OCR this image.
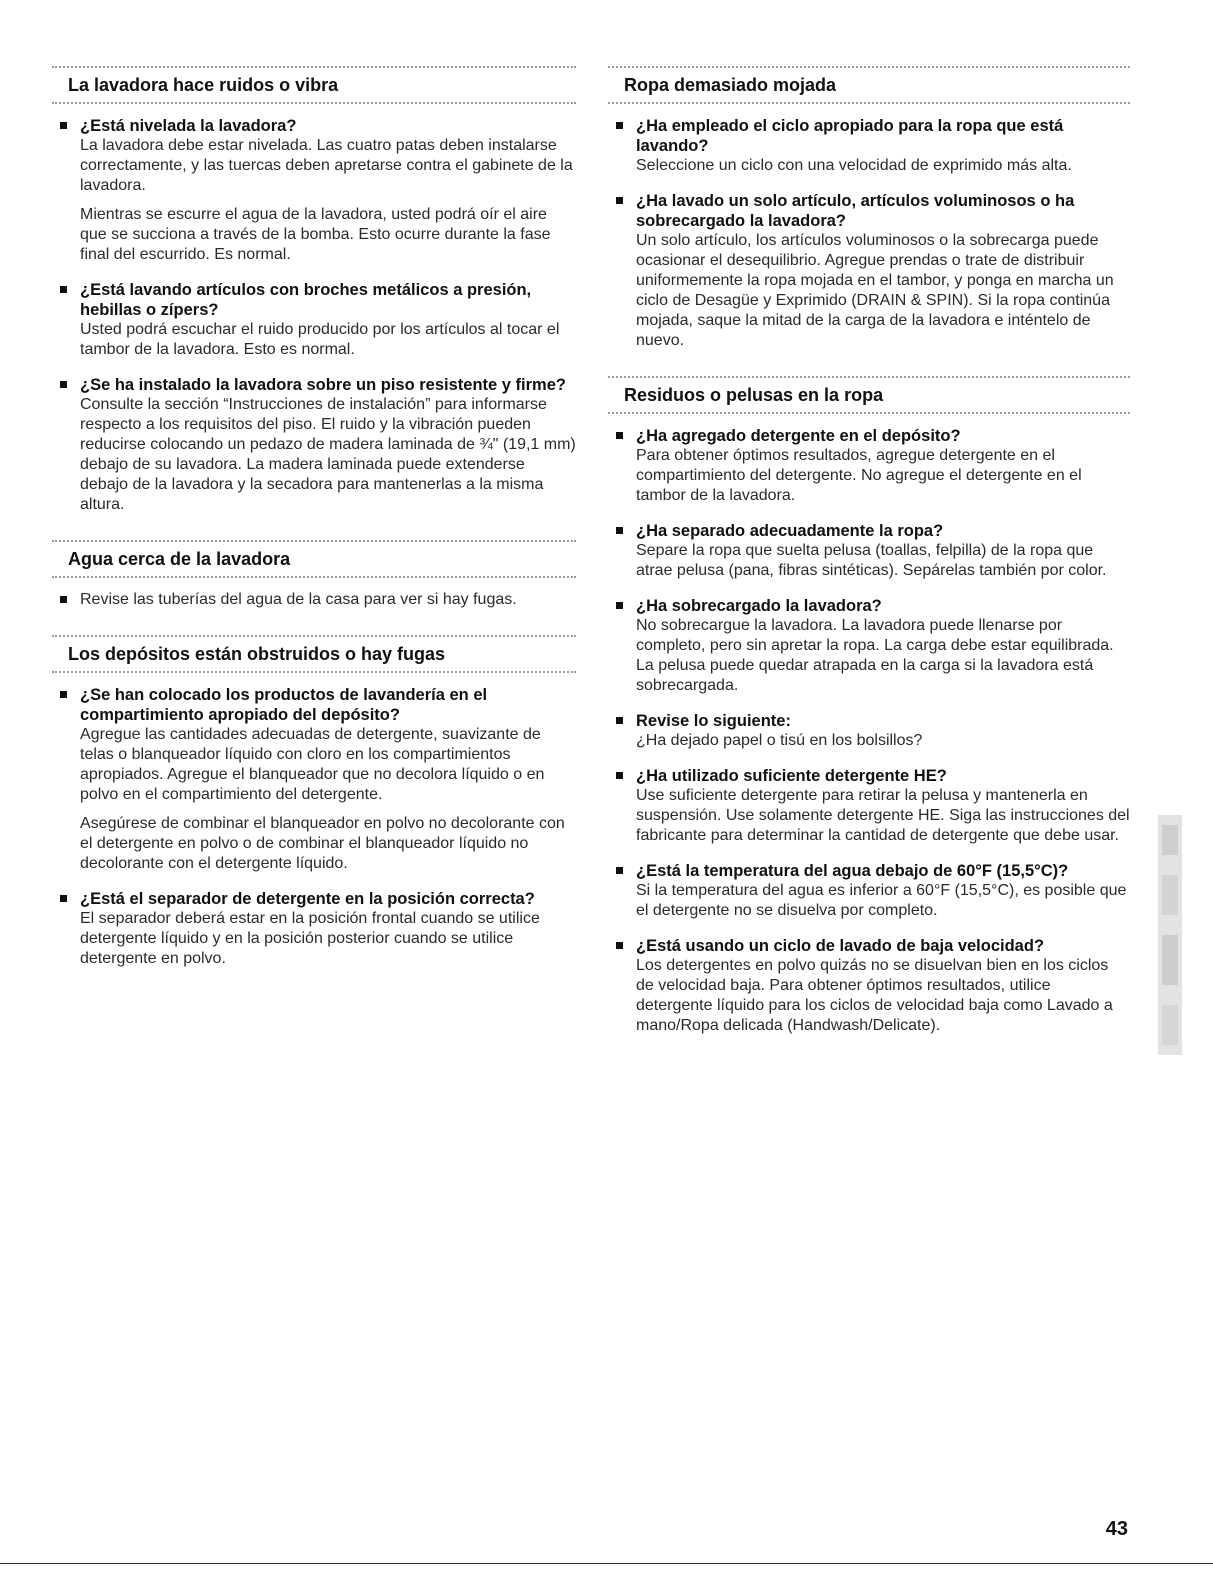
La lavadora hace ruidos o vibra
¿Está nivelada la lavadora?
La lavadora debe estar nivelada. Las cuatro patas deben instalarse correctamente, y las tuercas deben apretarse contra el gabinete de la lavadora.
Mientras se escurre el agua de la lavadora, usted podrá oír el aire que se succiona a través de la bomba. Esto ocurre durante la fase final del escurrido. Es normal.
¿Está lavando artículos con broches metálicos a presión, hebillas o zípers?
Usted podrá escuchar el ruido producido por los artículos al tocar el tambor de la lavadora. Esto es normal.
¿Se ha instalado la lavadora sobre un piso resistente y firme?
Consulte la sección “Instrucciones de instalación” para informarse respecto a los requisitos del piso. El ruido y la vibración pueden reducirse colocando un pedazo de madera laminada de ¾" (19,1 mm) debajo de su lavadora. La madera laminada puede extenderse debajo de la lavadora y la secadora para mantenerlas a la misma altura.
Agua cerca de la lavadora
Revise las tuberías del agua de la casa para ver si hay fugas.
Los depósitos están obstruidos o hay fugas
¿Se han colocado los productos de lavandería en el compartimiento apropiado del depósito?
Agregue las cantidades adecuadas de detergente, suavizante de telas o blanqueador líquido con cloro en los compartimientos apropiados. Agregue el blanqueador que no decolora líquido o en polvo en el compartimiento del detergente.
Asegúrese de combinar el blanqueador en polvo no decolorante con el detergente en polvo o de combinar el blanqueador líquido no decolorante con el detergente líquido.
¿Está el separador de detergente en la posición correcta?
El separador deberá estar en la posición frontal cuando se utilice detergente líquido y en la posición posterior cuando se utilice detergente en polvo.
Ropa demasiado mojada
¿Ha empleado el ciclo apropiado para la ropa que está lavando?
Seleccione un ciclo con una velocidad de exprimido más alta.
¿Ha lavado un solo artículo, artículos voluminosos o ha sobrecargado la lavadora?
Un solo artículo, los artículos voluminosos o la sobrecarga puede ocasionar el desequilibrio. Agregue prendas o trate de distribuir uniformemente la ropa mojada en el tambor, y ponga en marcha un ciclo de Desagüe y Exprimido (DRAIN & SPIN). Si la ropa continúa mojada, saque la mitad de la carga de la lavadora e inténtelo de nuevo.
Residuos o pelusas en la ropa
¿Ha agregado detergente en el depósito?
Para obtener óptimos resultados, agregue detergente en el compartimiento del detergente. No agregue el detergente en el tambor de la lavadora.
¿Ha separado adecuadamente la ropa?
Separe la ropa que suelta pelusa (toallas, felpilla) de la ropa que atrae pelusa (pana, fibras sintéticas). Sepárelas también por color.
¿Ha sobrecargado la lavadora?
No sobrecargue la lavadora. La lavadora puede llenarse por completo, pero sin apretar la ropa. La carga debe estar equilibrada. La pelusa puede quedar atrapada en la carga si la lavadora está sobrecargada.
Revise lo siguiente:
¿Ha dejado papel o tisú en los bolsillos?
¿Ha utilizado suficiente detergente HE?
Use suficiente detergente para retirar la pelusa y mantenerla en suspensión. Use solamente detergente HE. Siga las instrucciones del fabricante para determinar la cantidad de detergente que debe usar.
¿Está la temperatura del agua debajo de 60°F (15,5°C)?
Si la temperatura del agua es inferior a 60°F (15,5°C), es posible que el detergente no se disuelva por completo.
¿Está usando un ciclo de lavado de baja velocidad?
Los detergentes en polvo quizás no se disuelvan bien en los ciclos de velocidad baja. Para obtener óptimos resultados, utilice detergente líquido para los ciclos de velocidad baja como Lavado a mano/Ropa delicada (Handwash/Delicate).
43
